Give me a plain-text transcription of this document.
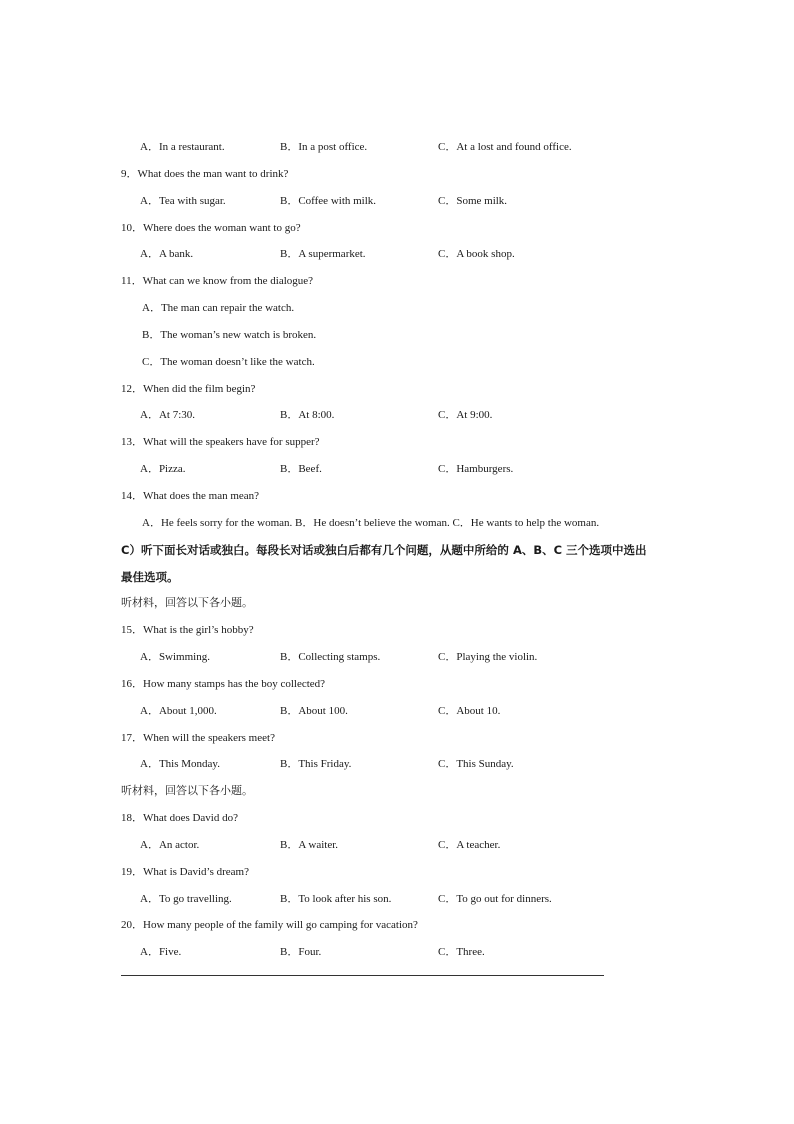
A．In a restaurant.	B．In a post office.	C．At a lost and found office.
9．What does the man want to drink?
A．Tea with sugar.	B．Coffee with milk.	C．Some milk.
10．Where does the woman want to go?
A．A bank.	B．A supermarket.	C．A book shop.
11．What can we know from the dialogue?
A．The man can repair the watch.
B．The woman’s new watch is broken.
C．The woman doesn’t like the watch.
12．When did the film begin?
A．At 7:30.	B．At 8:00.	C．At 9:00.
13．What will the speakers have for supper?
A．Pizza.	B．Beef.	C．Hamburgers.
14．What does the man mean?
A．He feels sorry for the woman. B．He doesn’t believe the woman. C．He wants to help the woman.
C）听下面长对话或独白。每段长对话或独白后都有几个问题，从题中所给的 A、B、C 三个选项中选出
最佳选项。
听材料，回答以下各小题。
15．What is the girl’s hobby?
A．Swimming.	B．Collecting stamps.	C．Playing the violin.
16．How many stamps has the boy collected?
A．About 1,000.	B．About 100.	C．About 10.
17．When will the speakers meet?
A．This Monday.	B．This Friday.	C．This Sunday.
听材料，回答以下各小题。
18．What does David do?
A．An actor.	B．A waiter.	C．A teacher.
19．What is David’s dream?
A．To go travelling.	B．To look after his son.	C．To go out for dinners.
20．How many people of the family will go camping for vacation?
A．Five.	B．Four.	C．Three.
